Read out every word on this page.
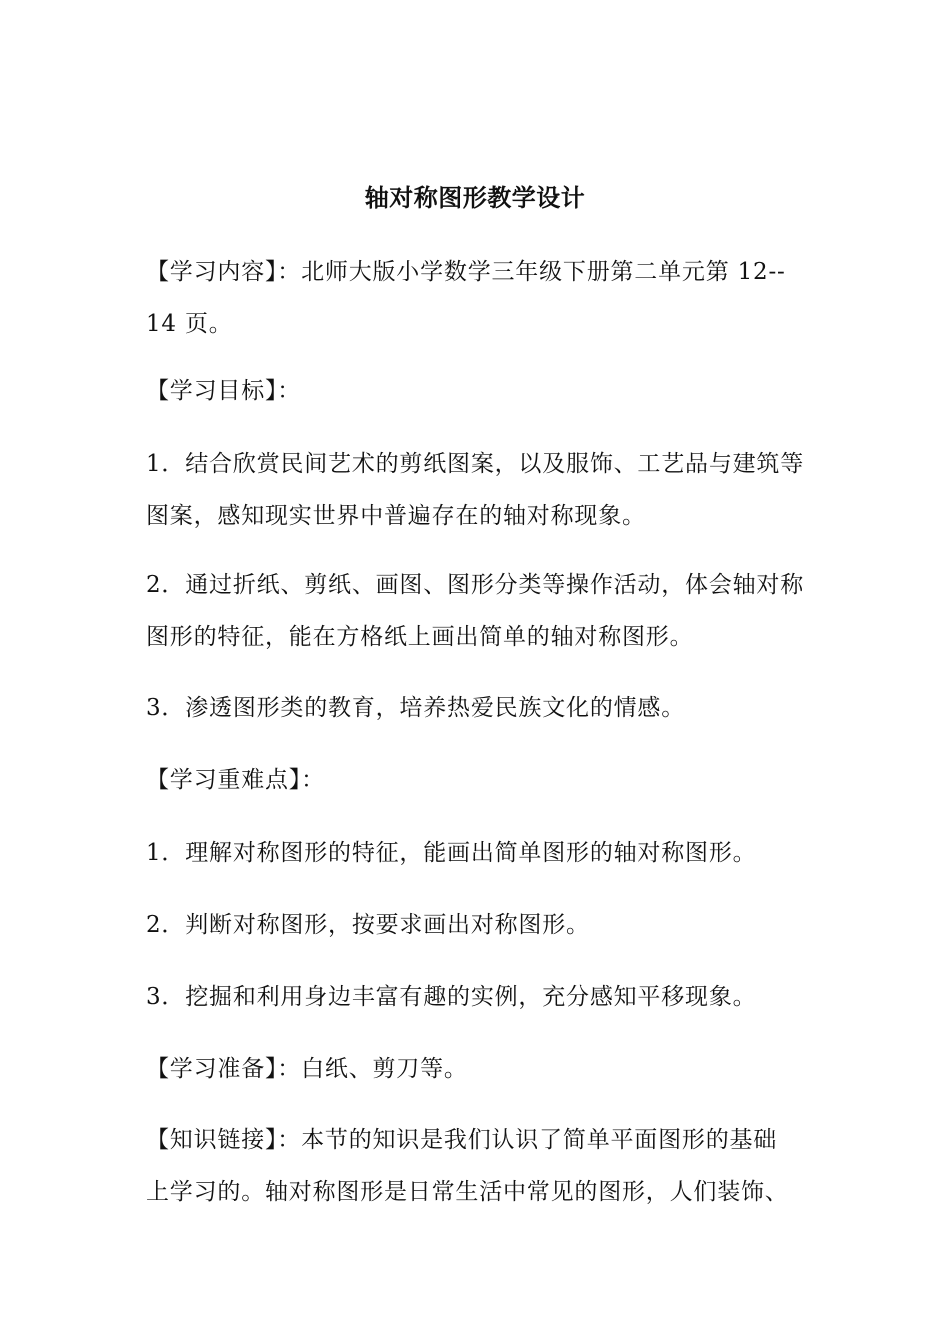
轴对称图形教学设计
【学习内容】：北师大版小学数学三年级下册第二单元第 12--
14 页。
【学习目标】：
1．结合欣赏民间艺术的剪纸图案，以及服饰、工艺品与建筑等
图案，感知现实世界中普遍存在的轴对称现象。
2．通过折纸、剪纸、画图、图形分类等操作活动，体会轴对称
图形的特征，能在方格纸上画出简单的轴对称图形。
3．渗透图形类的教育，培养热爱民族文化的情感。
【学习重难点】：
1．理解对称图形的特征，能画出简单图形的轴对称图形。
2．判断对称图形，按要求画出对称图形。
3．挖掘和利用身边丰富有趣的实例，充分感知平移现象。
【学习准备】：白纸、剪刀等。
【知识链接】：本节的知识是我们认识了简单平面图形的基础
上学习的。轴对称图形是日常生活中常见的图形，人们装饰、
